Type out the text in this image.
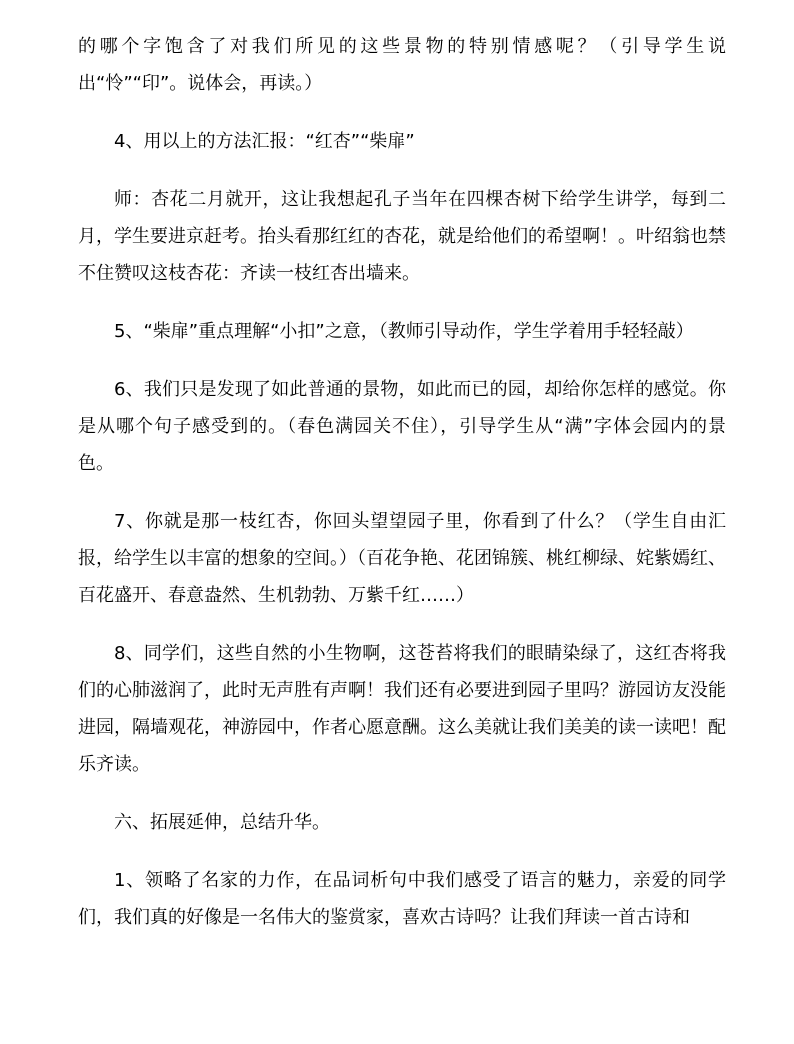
的哪个字饱含了对我们所见的这些景物的特别情感呢？（引导学生说出“怜”“印”。说体会，再读。）

4、用以上的方法汇报：“红杏”“柴扉”

师：杏花二月就开，这让我想起孔子当年在四棵杏树下给学生讲学，每到二月，学生要进京赶考。抬头看那红红的杏花，就是给他们的希望啊！。叶绍翁也禁不住赞叹这枝杏花：齐读一枝红杏出墙来。

5、“柴扉”重点理解“小扣”之意，（教师引导动作，学生学着用手轻轻敲）

6、我们只是发现了如此普通的景物，如此而已的园，却给你怎样的感觉。你是从哪个句子感受到的。（春色满园关不住），引导学生从“满”字体会园内的景色。

7、你就是那一枝红杏，你回头望望园子里，你看到了什么？（学生自由汇报，给学生以丰富的想象的空间。）（百花争艳、花团锦簇、桃红柳绿、姹紫嫣红、百花盛开、春意盎然、生机勃勃、万紫千红……）

8、同学们，这些自然的小生物啊，这苍苔将我们的眼睛染绿了，这红杏将我们的心肺滋润了，此时无声胜有声啊！我们还有必要进到园子里吗？游园访友没能进园，隔墙观花，神游园中，作者心愿意酬。这么美就让我们美美的读一读吧！配乐齐读。

六、拓展延伸，总结升华。

1、领略了名家的力作，在品词析句中我们感受了语言的魅力，亲爱的同学们，我们真的好像是一名伟大的鉴赏家，喜欢古诗吗？让我们拜读一首古诗和
